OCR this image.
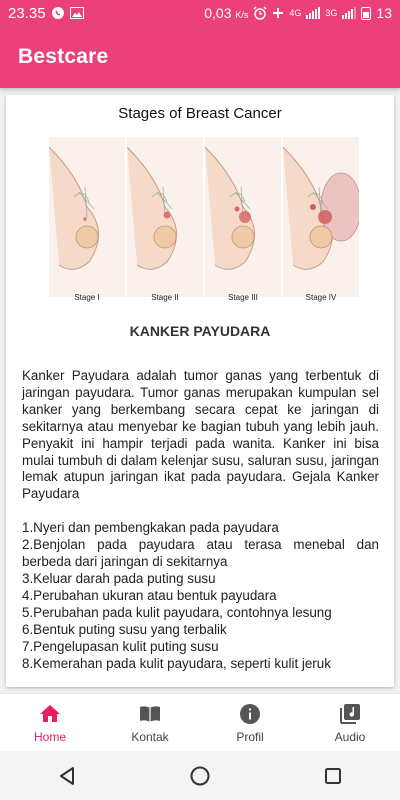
23.35	0,03 K/s	4G	3G	13
Bestcare
Stages of Breast Cancer
Stage I	Stage II	Stage III	Stage IV
KANKER PAYUDARA

Kanker Payudara adalah tumor ganas yang terbentuk di jaringan payudara. Tumor ganas merupakan kumpulan sel kanker yang berkembang secara cepat ke jaringan di sekitarnya atau menyebar ke bagian tubuh yang lebih jauh. Penyakit ini hampir terjadi pada wanita. Kanker ini bisa mulai tumbuh di dalam kelenjar susu, saluran susu, jaringan lemak atupun jaringan ikat pada payudara. Gejala Kanker Payudara

1.Nyeri dan pembengkakan pada payudara
2.Benjolan pada payudara atau terasa menebal dan berbeda dari jaringan di sekitarnya
3.Keluar darah pada puting susu
4.Perubahan ukuran atau bentuk payudara
5.Perubahan pada kulit payudara, contohnya lesung
6.Bentuk puting susu yang terbalik
7.Pengelupasan kulit puting susu
8.Kemerahan pada kulit payudara, seperti kulit jeruk
Home	Kontak	Profil	Audio
